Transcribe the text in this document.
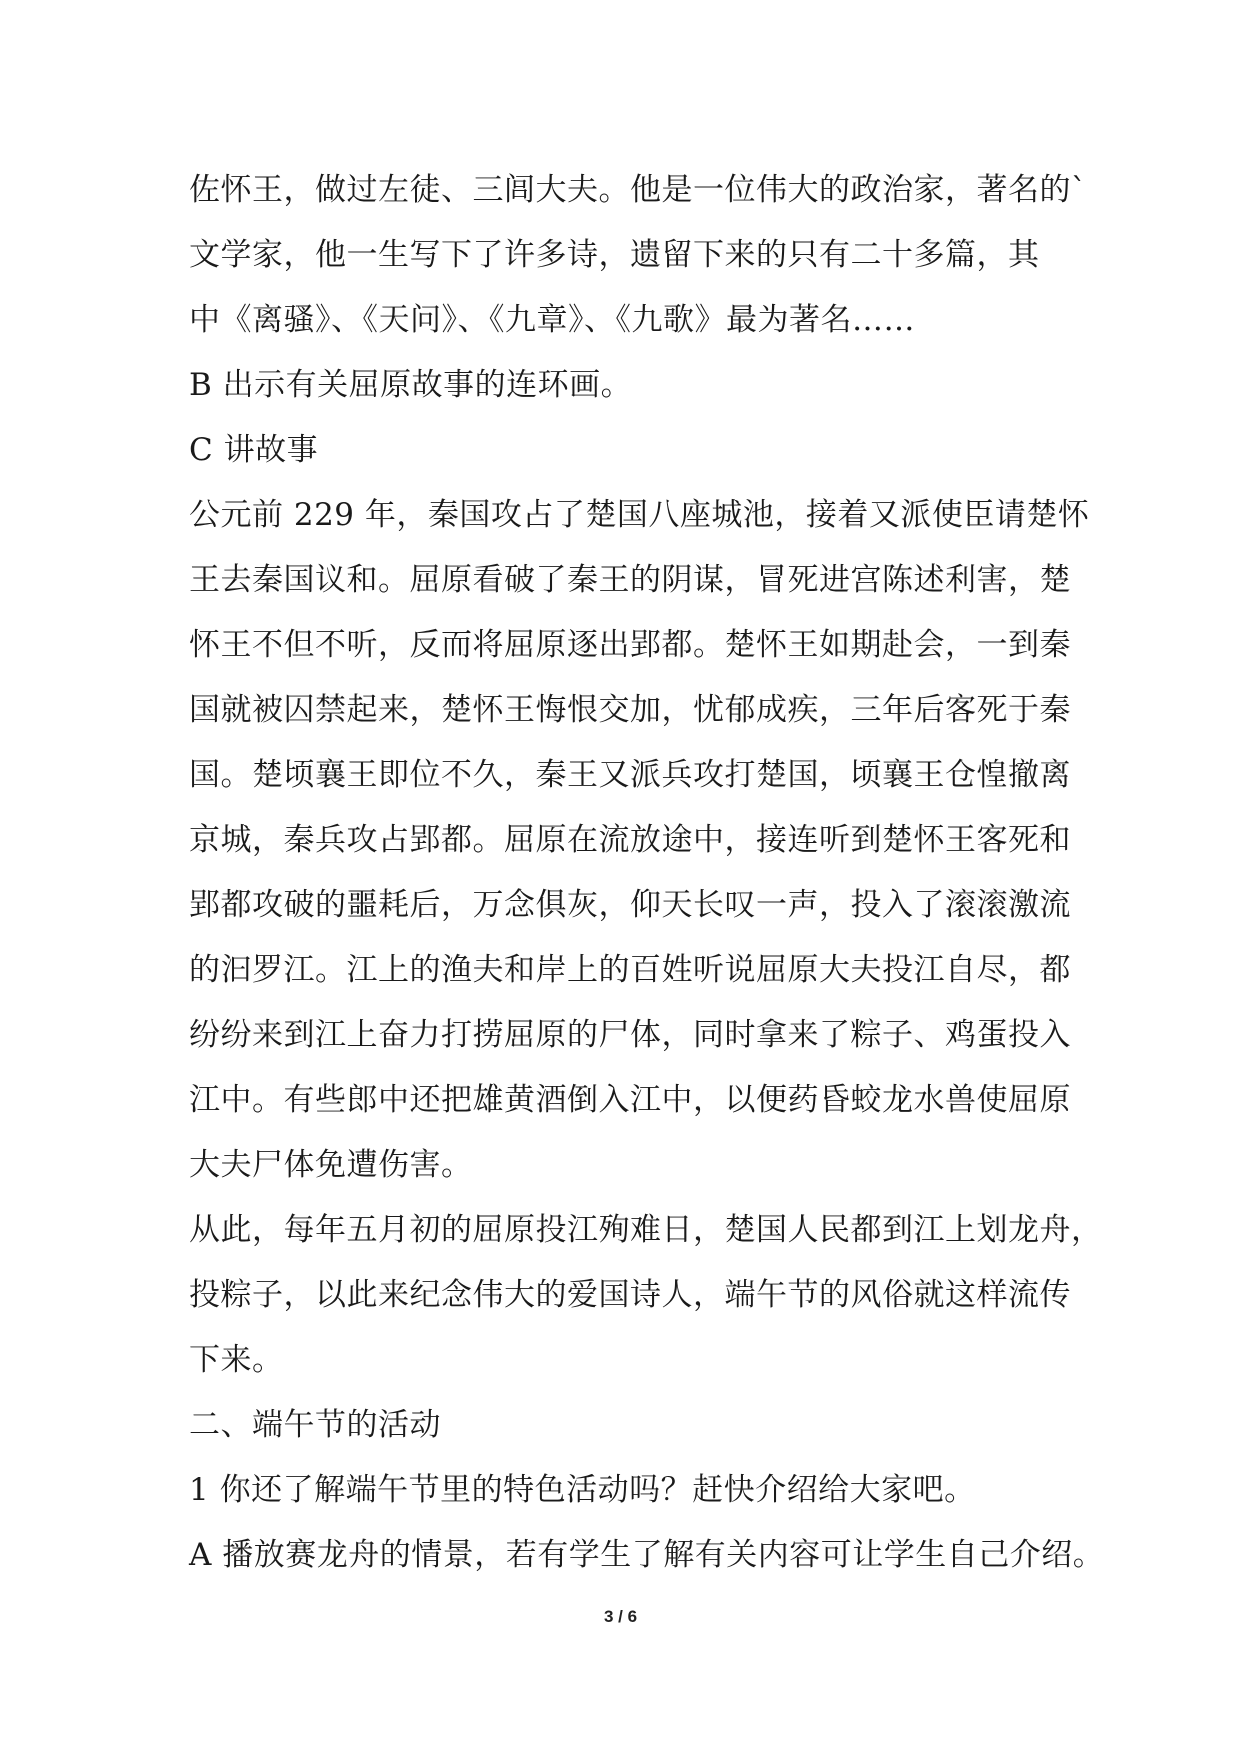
佐怀王，做过左徒、三闾大夫。他是一位伟大的政治家，著名的`
文学家，他一生写下了许多诗，遗留下来的只有二十多篇，其
中《离骚》、《天问》、《九章》、《九歌》最为著名……
B 出示有关屈原故事的连环画。
C 讲故事
公元前 229 年，秦国攻占了楚国八座城池，接着又派使臣请楚怀
王去秦国议和。屈原看破了秦王的阴谋，冒死进宫陈述利害，楚
怀王不但不听，反而将屈原逐出郢都。楚怀王如期赴会，一到秦
国就被囚禁起来，楚怀王悔恨交加，忧郁成疾，三年后客死于秦
国。楚顷襄王即位不久，秦王又派兵攻打楚国，顷襄王仓惶撤离
京城，秦兵攻占郢都。屈原在流放途中，接连听到楚怀王客死和
郢都攻破的噩耗后，万念俱灰，仰天长叹一声，投入了滚滚激流
的汩罗江。江上的渔夫和岸上的百姓听说屈原大夫投江自尽，都
纷纷来到江上奋力打捞屈原的尸体，同时拿来了粽子、鸡蛋投入
江中。有些郎中还把雄黄酒倒入江中，以便药昏蛟龙水兽使屈原
大夫尸体免遭伤害。
从此，每年五月初的屈原投江殉难日，楚国人民都到江上划龙舟，
投粽子，以此来纪念伟大的爱国诗人，端午节的风俗就这样流传
下来。
二、端午节的活动
1 你还了解端午节里的特色活动吗？赶快介绍给大家吧。
A 播放赛龙舟的情景，若有学生了解有关内容可让学生自己介绍。
3 / 6
